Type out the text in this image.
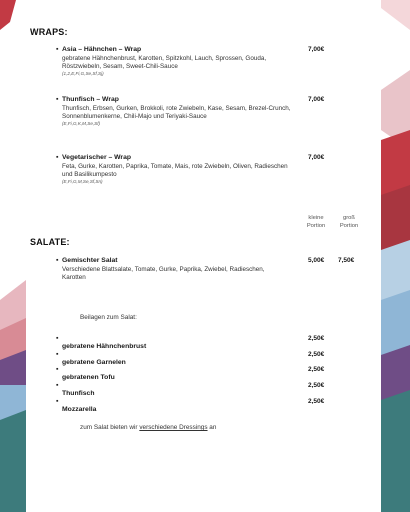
WRAPS:
▪ Asia – Hähnchen – Wrap
gebratene Hähnchenbrust, Karotten, Spitzkohl, Lauch, Sprossen, Gouda, Röstzwiebeln, Sesam, Sweet-Chili-Sauce
(1,2,E,Fi,G,Se,Sf,Sj)
7,00€
▪ Thunfisch – Wrap
Thunfisch, Erbsen, Gurken, Brokkoli, rote Zwiebeln, Kase, Sesam, Brezel-Crunch, Sonnenblumenkerne, Chili-Majo und Teriyaki-Sauce
(E,Fi,G,K,M,Se,Sf)
7,00€
▪ Vegetarischer – Wrap
Feta, Gurke, Karotten, Paprika, Tomate, Mais, rote Zwiebeln, Oliven, Radieschen und Basilikumpesto
(E,Fi,G,M,Se,Sf,Sn)
7,00€
kleine
Portion
groß
Portion
SALATE:
▪ Gemischter Salat
Verschiedene Blattsalate, Tomate, Gurke, Paprika, Zwiebel, Radieschen, Karotten
5,00€ 7,50€
Beilagen zum Salat:
▪
gebratene Hähnchenbrust
2,50€
▪
gebratene Garnelen
2,50€
▪
gebratenen Tofu
2,50€
▪
Thunfisch
2,50€
▪
Mozzarella
2,50€
zum Salat bieten wir verschiedene Dressings an
